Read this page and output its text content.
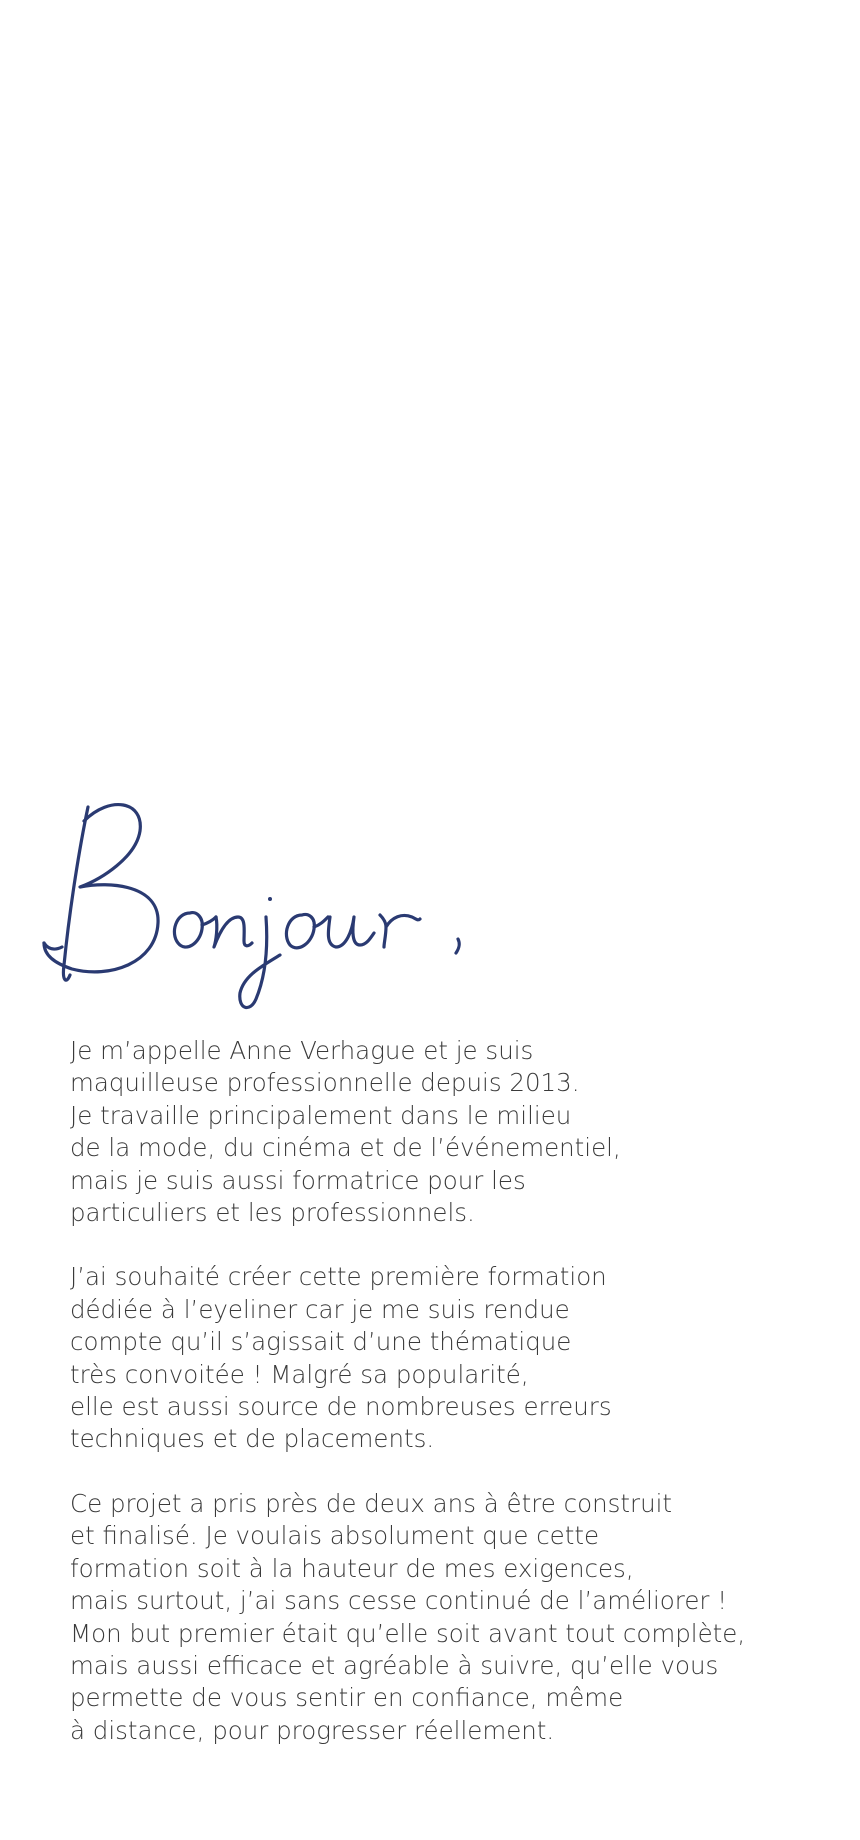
Bonjour,
Je m’appelle Anne Verhague et je suis
maquilleuse professionnelle depuis 2013.
Je travaille principalement dans le milieu
de la mode, du cinéma et de l’événementiel,
mais je suis aussi formatrice pour les
particuliers et les professionnels.
J’ai souhaité créer cette première formation
dédiée à l’eyeliner car je me suis rendue
compte qu’il s’agissait d’une thématique
très convoitée ! Malgré sa popularité,
elle est aussi source de nombreuses erreurs
techniques et de placements.
Ce projet a pris près de deux ans à être construit
et finalisé. Je voulais absolument que cette
formation soit à la hauteur de mes exigences,
mais surtout, j’ai sans cesse continué de l’améliorer !
Mon but premier était qu’elle soit avant tout complète,
mais aussi efficace et agréable à suivre, qu’elle vous
permette de vous sentir en confiance, même
à distance, pour progresser réellement.
